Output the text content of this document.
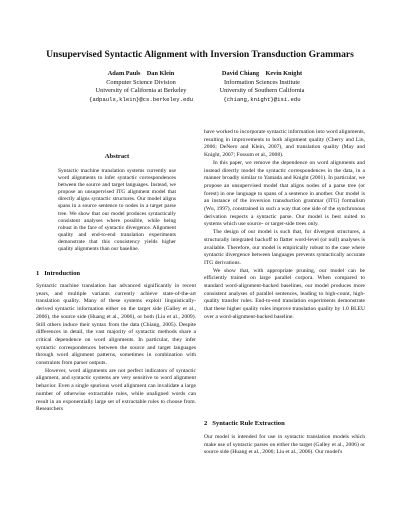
Unsupervised Syntactic Alignment with Inversion Transduction Grammars
Adam Pauls    Dan Klein
Computer Science Division
University of California at Berkeley
{adpauls,klein}@cs.berkeley.edu
David Chiang    Kevin Knight
Information Sciences Institute
University of Southern California
{chiang,knight}@isi.edu
Abstract

Syntactic machine translation systems currently use word alignments to infer syntactic correspondences between the source and target languages. Instead, we propose an unsupervised ITG alignment model that directly aligns syntactic structures. Our model aligns spans in a source sentence to nodes in a target parse tree. We show that our model produces syntactically consistent analyses where possible, while being robust in the face of syntactic divergence. Alignment quality and end-to-end translation experiments demonstrate that this consistency yields higher quality alignments than our baseline.

1   Introduction
Syntactic machine translation has advanced significantly in recent years, and multiple variants currently achieve state-of-the-art translation quality. Many of these systems exploit linguistically-derived syntactic information either on the target side (Galley et al., 2006), the source side (Huang et al., 2006), or both (Liu et al., 2009). Still others induce their syntax from the data (Chiang, 2005). Despite differences in detail, the vast majority of syntactic methods share a critical dependence on word alignments. In particular, they infer syntactic correspondences between the source and target languages through word alignment patterns, sometimes in combination with constraints from parser outputs.
However, word alignments are not perfect indicators of syntactic alignment, and syntactic systems are very sensitive to word alignment behavior. Even a single spurious word alignment can invalidate a large number of otherwise extractable rules, while unaligned words can result in an exponentially large set of extractable rules to choose from. Researchers
have worked to incorporate syntactic information into word alignments, resulting in improvements to both alignment quality (Cherry and Lin, 2006; DeNero and Klein, 2007), and translation quality (May and Knight, 2007; Fossum et al., 2008).
In this paper, we remove the dependence on word alignments and instead directly model the syntactic correspondences in the data, in a manner broadly similar to Yamada and Knight (2001). In particular, we propose an unsupervised model that aligns nodes of a parse tree (or forest) in one language to spans of a sentence in another. Our model is an instance of the inversion transduction grammar (ITG) formalism (Wu, 1997), constrained in such a way that one side of the synchronous derivation respects a syntactic parse. Our model is best suited to systems which use source- or target-side trees only.
The design of our model is such that, for divergent structures, a structurally integrated backoff to flatter word-level (or null) analyses is available. Therefore, our model is empirically robust to the case where syntactic divergence between languages prevents syntactically accurate ITG derivations.
We show that, with appropriate pruning, our model can be efficiently trained on large parallel corpora. When compared to standard word-alignment-backed baselines, our model produces more consistent analyses of parallel sentences, leading to high-count, high-quality transfer rules. End-to-end translation experiments demonstrate that these higher quality rules improve translation quality by 1.0 BLEU over a word-alignment-backed baseline.
2   Syntactic Rule Extraction
Our model is intended for use in syntactic translation models which make use of syntactic parses on either the target (Galley et al., 2006) or source side (Huang et al., 2006; Liu et al., 2006). Our model's
